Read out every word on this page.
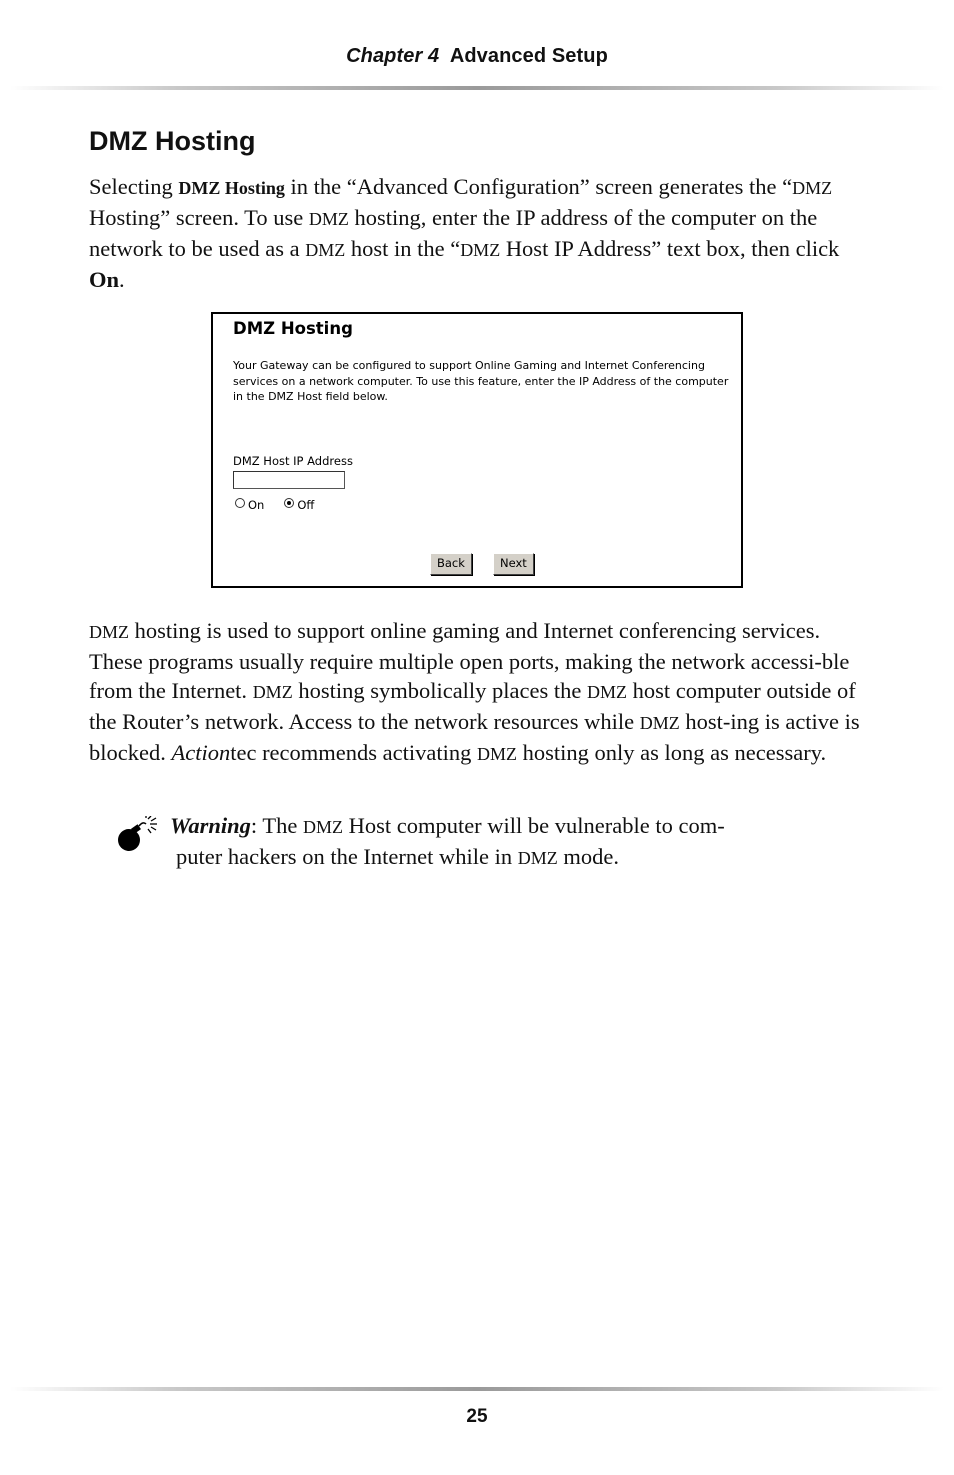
Chapter 4 Advanced Setup
DMZ Hosting
Selecting DMZ Hosting in the “Advanced Configuration” screen generates the “DMZ Hosting” screen. To use DMZ hosting, enter the IP address of the computer on the network to be used as a DMZ host in the “DMZ Host IP Address” text box, then click On.
DMZ Hosting
Your Gateway can be configured to support Online Gaming and Internet Conferencing services on a network computer. To use this feature, enter the IP Address of the computer in the DMZ Host field below.
DMZ Host IP Address
On	Off
Back	Next
DMZ hosting is used to support online gaming and Internet conferencing services. These programs usually require multiple open ports, making the network accessi-ble from the Internet. DMZ hosting symbolically places the DMZ host computer outside of the Router’s network. Access to the network resources while DMZ host-ing is active is blocked. Actiontec recommends activating DMZ hosting only as long as necessary.
Warning: The DMZ Host computer will be vulnerable to com-
puter hackers on the Internet while in DMZ mode.
25
